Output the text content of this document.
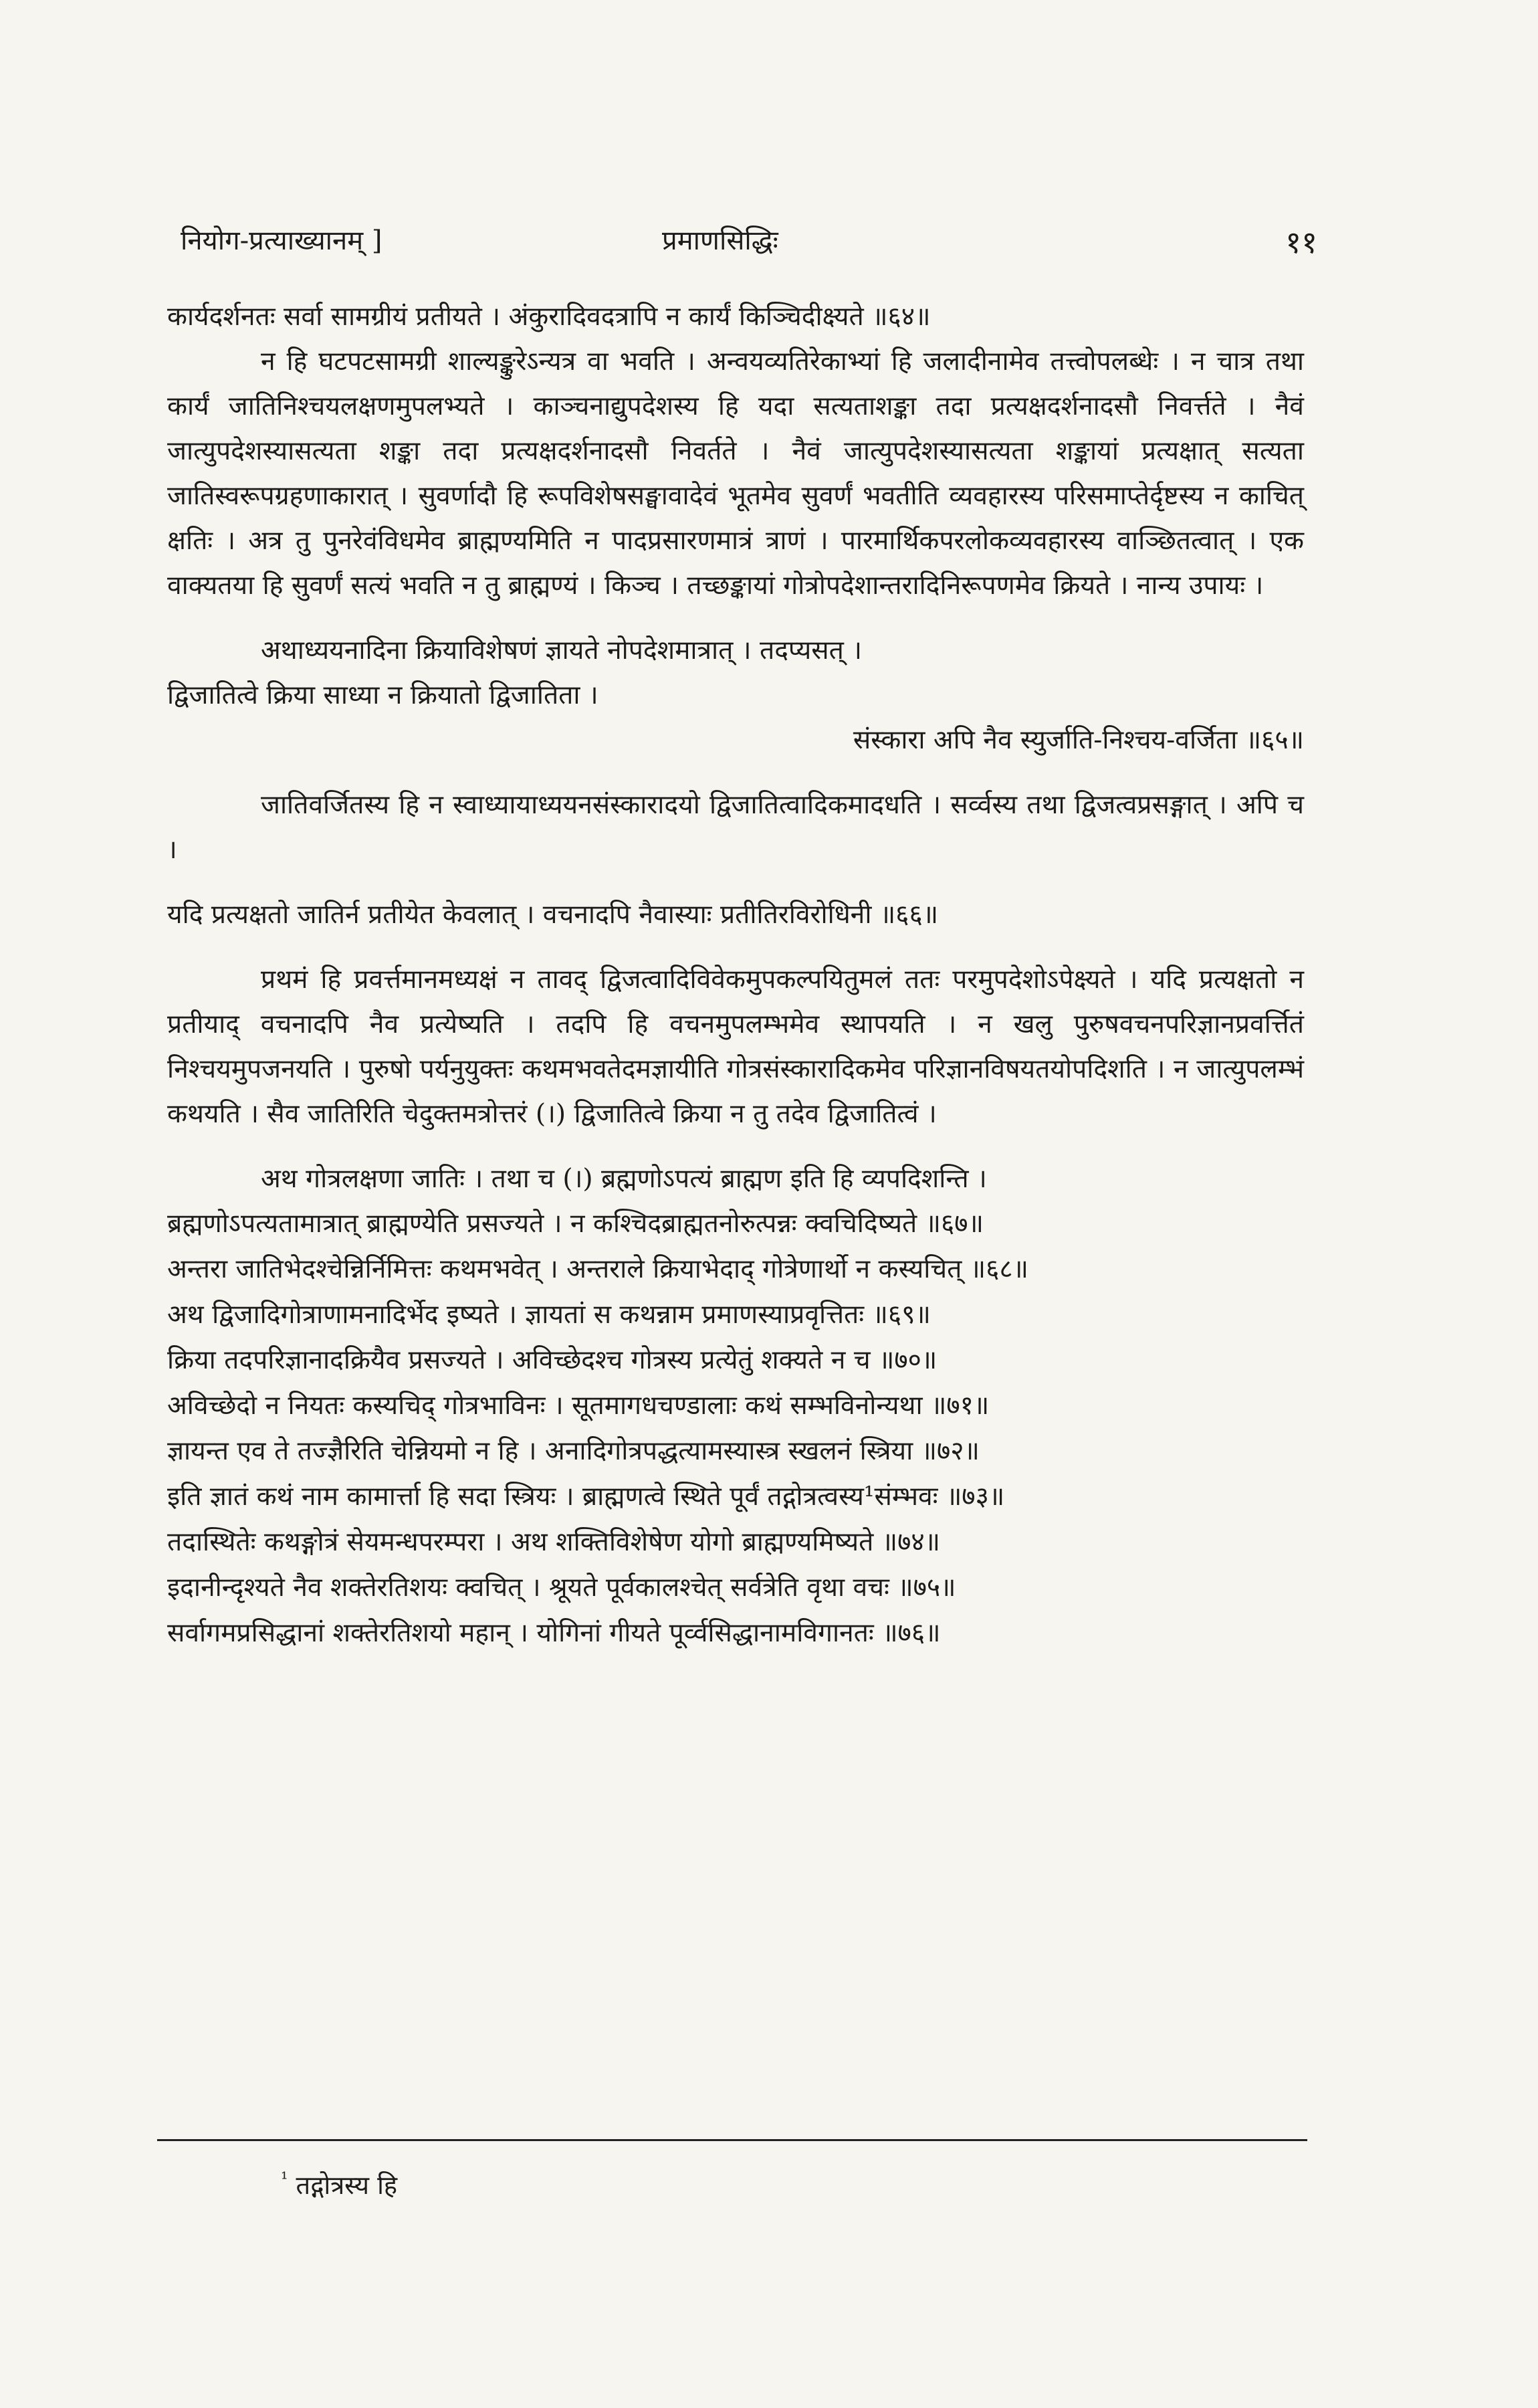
नियोग-प्रत्याख्यानम् ]	प्रमाणसिद्धिः	११

कार्यदर्शनतः सर्वा सामग्रीयं प्रतीयते । अंकुरादिवदत्रापि न कार्यं किञ्चिदीक्ष्यते ॥६४॥

न हि घटपटसामग्री शाल्यङ्कुरेऽन्यत्र वा भवति । अन्वयव्यतिरेकाभ्यां हि जलादीनामेव तत्त्वोपलब्धेः । न चात्र तथा कार्यं जातिनिश्चयलक्षणमुपलभ्यते । काञ्चनाद्युपदेशस्य हि यदा सत्यताशङ्का तदा प्रत्यक्षदर्शनादसौ निवर्त्तते । नैवं जात्युपदेशस्यासत्यता शङ्का तदा प्रत्यक्षदर्शनादसौ निवर्तते । नैवं जात्युपदेशस्यासत्यता शङ्कायां प्रत्यक्षात् सत्यता जातिस्वरूपग्रहणाकारात् । सुवर्णादौ हि रूपविशेषसङ्घावादेवं भूतमेव सुवर्णं भवतीति व्यवहारस्य परिसमाप्तेर्दृष्टस्य न काचित् क्षतिः । अत्र तु पुनरेवंविधमेव ब्राह्मण्यमिति न पादप्रसारणमात्रं त्राणं । पारमार्थिकपरलोकव्यवहारस्य वाञ्छितत्वात् । एक वाक्यतया हि सुवर्णं सत्यं भवति न तु ब्राह्मण्यं । किञ्च । तच्छङ्कायां गोत्रोपदेशान्तरादिनिरूपणमेव क्रियते । नान्य उपायः ।

अथाध्ययनादिना क्रियाविशेषणं ज्ञायते नोपदेशमात्रात् । तदप्यसत् ।

द्विजातित्वे क्रिया साध्या न क्रियातो द्विजातिता ।

संस्कारा अपि नैव स्युर्जाति-निश्चय-वर्जिता ॥६५॥

जातिवर्जितस्य हि न स्वाध्यायाध्ययनसंस्कारादयो द्विजातित्वादिकमादधति । सर्व्वस्य तथा द्विजत्वप्रसङ्गात् । अपि च ।

यदि प्रत्यक्षतो जातिर्न प्रतीयेत केवलात् । वचनादपि नैवास्याः प्रतीतिरविरोधिनी ॥६६॥

प्रथमं हि प्रवर्त्तमानमध्यक्षं न तावद् द्विजत्वादिविवेकमुपकल्पयितुमलं ततः परमुपदेशोऽपेक्ष्यते । यदि प्रत्यक्षतो न प्रतीयाद् वचनादपि नैव प्रत्येष्यति । तदपि हि वचनमुपलम्भमेव स्थापयति । न खलु पुरुषवचनपरिज्ञानप्रवर्त्तितं निश्चयमुपजनयति । पुरुषो पर्यनुयुक्तः कथमभवतेदमज्ञायीति गोत्रसंस्कारादिकमेव परिज्ञानविषयतयोपदिशति । न जात्युपलम्भं कथयति । सैव जातिरिति चेदुक्तमत्रोत्तरं (।) द्विजातित्वे क्रिया न तु तदेव द्विजातित्वं ।

अथ गोत्रलक्षणा जातिः । तथा च (।) ब्रह्मणोऽपत्यं ब्राह्मण इति हि व्यपदिशन्ति ।

ब्रह्मणोऽपत्यतामात्रात् ब्राह्मण्येति प्रसज्यते । न कश्चिदब्राह्मतनोरुत्पन्नः क्वचिदिष्यते ॥६७॥

अन्तरा जातिभेदश्चेन्निर्निमित्तः कथमभवेत् । अन्तराले क्रियाभेदाद् गोत्रेणार्थो न कस्यचित् ॥६८॥

अथ द्विजादिगोत्राणामनादिर्भेद इष्यते । ज्ञायतां स कथन्नाम प्रमाणस्याप्रवृत्तितः ॥६९॥

क्रिया तदपरिज्ञानादक्रियैव प्रसज्यते । अविच्छेदश्च गोत्रस्य प्रत्येतुं शक्यते न च ॥७०॥

अविच्छेदो न नियतः कस्यचिद् गोत्रभाविनः । सूतमागधचण्डालाः कथं सम्भविनोन्यथा ॥७१॥

ज्ञायन्त एव ते तज्ज्ञैरिति चेन्नियमो न हि । अनादिगोत्रपद्धत्यामस्यास्त्र स्खलनं स्त्रिया ॥७२॥

इति ज्ञातं कथं नाम कामार्त्ता हि सदा स्त्रियः । ब्राह्मणत्वे स्थिते पूर्वं तद्गोत्रत्वस्य¹संम्भवः ॥७३॥

तदास्थितेः कथङ्गोत्रं सेयमन्धपरम्परा । अथ शक्तिविशेषेण योगो ब्राह्मण्यमिष्यते ॥७४॥

इदानीन्दृश्यते नैव शक्तेरतिशयः क्वचित् । श्रूयते पूर्वकालश्चेत् सर्वत्रेति वृथा वचः ॥७५॥

सर्वागमप्रसिद्धानां शक्तेरतिशयो महान् । योगिनां गीयते पूर्व्वसिद्धानामविगानतः ॥७६॥

$^{^1}$ तद्गोत्रस्य हि
